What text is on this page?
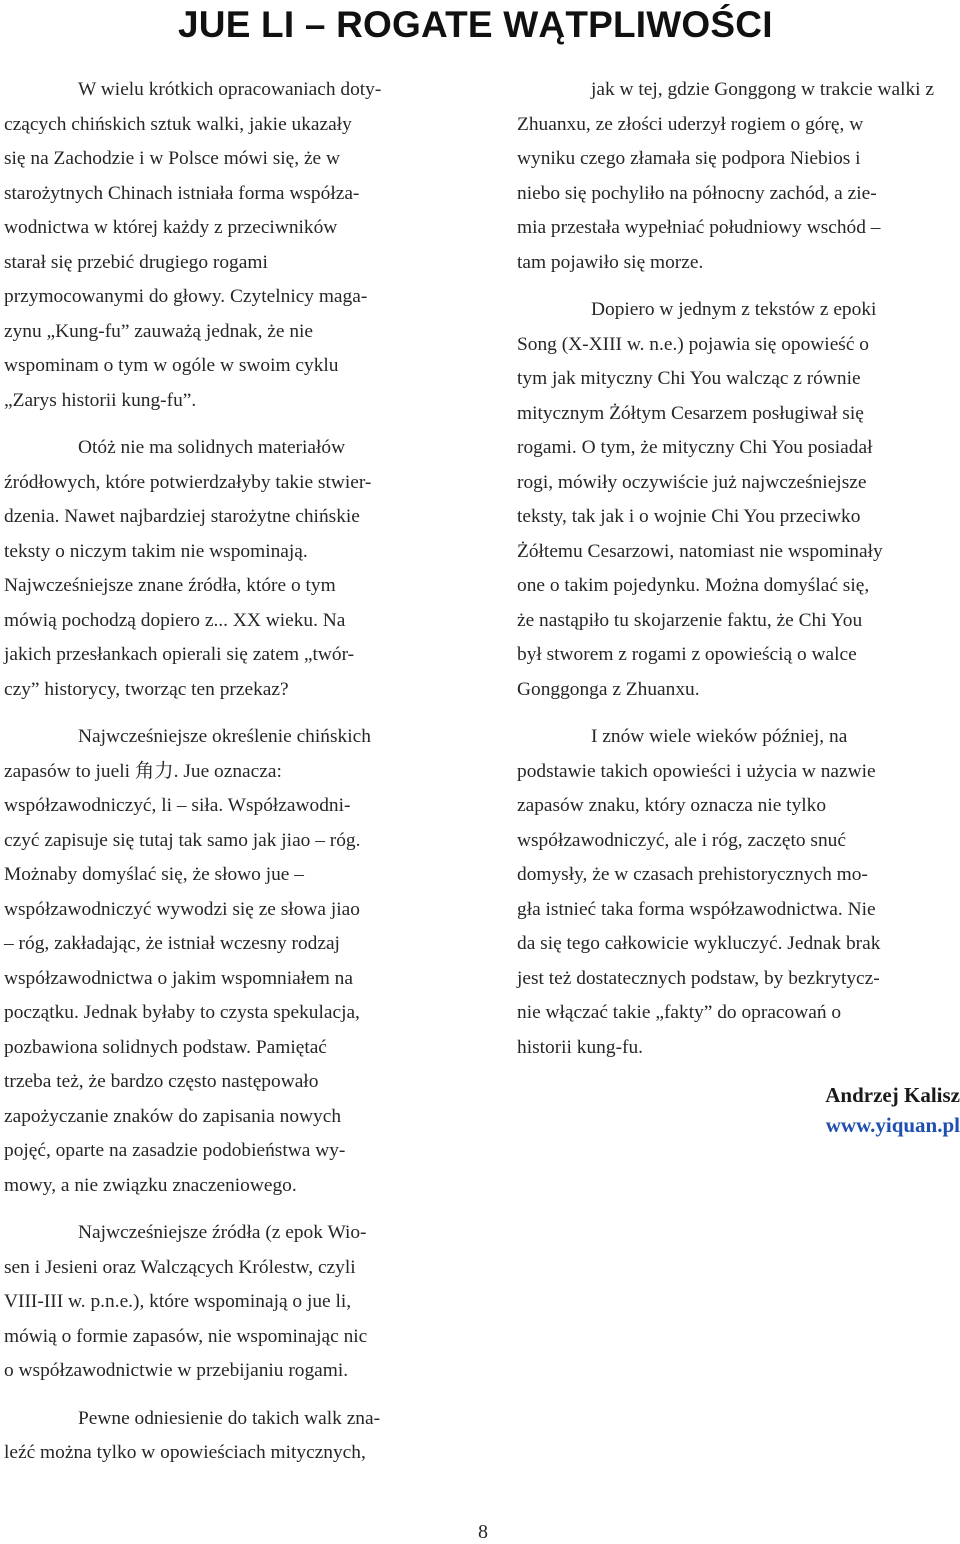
JUE LI – ROGATE WĄTPLIWOŚCI
W wielu krótkich opracowaniach doty-
czących chińskich sztuk walki, jakie ukazały
się na Zachodzie i w Polsce mówi się, że w
starożytnych Chinach istniała forma współza-
wodnictwa w której każdy z przeciwników
starał się przebić drugiego rogami
przymocowanymi do głowy. Czytelnicy maga-
zynu „Kung-fu” zauważą jednak, że nie
wspominam o tym w ogóle w swoim cyklu
„Zarys historii kung-fu”.
Otóż nie ma solidnych materiałów
źródłowych, które potwierdzałyby takie stwier-
dzenia. Nawet najbardziej starożytne chińskie
teksty o niczym takim nie wspominają.
Najwcześniejsze znane źródła, które o tym
mówią pochodzą dopiero z... XX wieku. Na
jakich przesłankach opierali się zatem „twór-
czy” historycy, tworząc ten przekaz?
Najwcześniejsze określenie chińskich
zapasów to jueli 角力. Jue oznacza:
współzawodniczyć, li – siła. Współzawodni-
czyć zapisuje się tutaj tak samo jak jiao – róg.
Możnaby domyślać się, że słowo jue –
współzawodniczyć wywodzi się ze słowa jiao
– róg, zakładając, że istniał wczesny rodzaj
współzawodnictwa o jakim wspomniałem na
początku. Jednak byłaby to czysta spekulacja,
pozbawiona solidnych podstaw. Pamiętać
trzeba też, że bardzo często następowało
zapożyczanie znaków do zapisania nowych
pojęć, oparte na zasadzie podobieństwa wy-
mowy, a nie związku znaczeniowego.
Najwcześniejsze źródła (z epok Wio-
sen i Jesieni oraz Walczących Królestw, czyli
VIII-III w. p.n.e.), które wspominają o jue li,
mówią o formie zapasów, nie wspominając nic
o współzawodnictwie w przebijaniu rogami.
Pewne odniesienie do takich walk zna-
leźć można tylko w opowieściach mitycznych,
jak w tej, gdzie Gonggong w trakcie walki z
Zhuanxu, ze złości uderzył rogiem o górę, w
wyniku czego złamała się podpora Niebios i
niebo się pochyliło na północny zachód, a zie-
mia przestała wypełniać południowy wschód –
tam pojawiło się morze.
Dopiero w jednym z tekstów z epoki
Song (X-XIII w. n.e.) pojawia się opowieść o
tym jak mityczny Chi You walcząc z równie
mitycznym Żółtym Cesarzem posługiwał się
rogami. O tym, że mityczny Chi You posiadał
rogi, mówiły oczywiście już najwcześniejsze
teksty, tak jak i o wojnie Chi You przeciwko
Żółtemu Cesarzowi, natomiast nie wspominały
one o takim pojedynku. Można domyślać się,
że nastąpiło tu skojarzenie faktu, że Chi You
był stworem z rogami z opowieścią o walce
Gonggonga z Zhuanxu.
I znów wiele wieków później, na
podstawie takich opowieści i użycia w nazwie
zapasów znaku, który oznacza nie tylko
współzawodniczyć, ale i róg, zaczęto snuć
domysły, że w czasach prehistorycznych mo-
gła istnieć taka forma współzawodnictwa. Nie
da się tego całkowicie wykluczyć. Jednak brak
jest też dostatecznych podstaw, by bezkrytycz-
nie włączać takie „fakty” do opracowań o
historii kung-fu.
Andrzej Kalisz
www.yiquan.pl
8
